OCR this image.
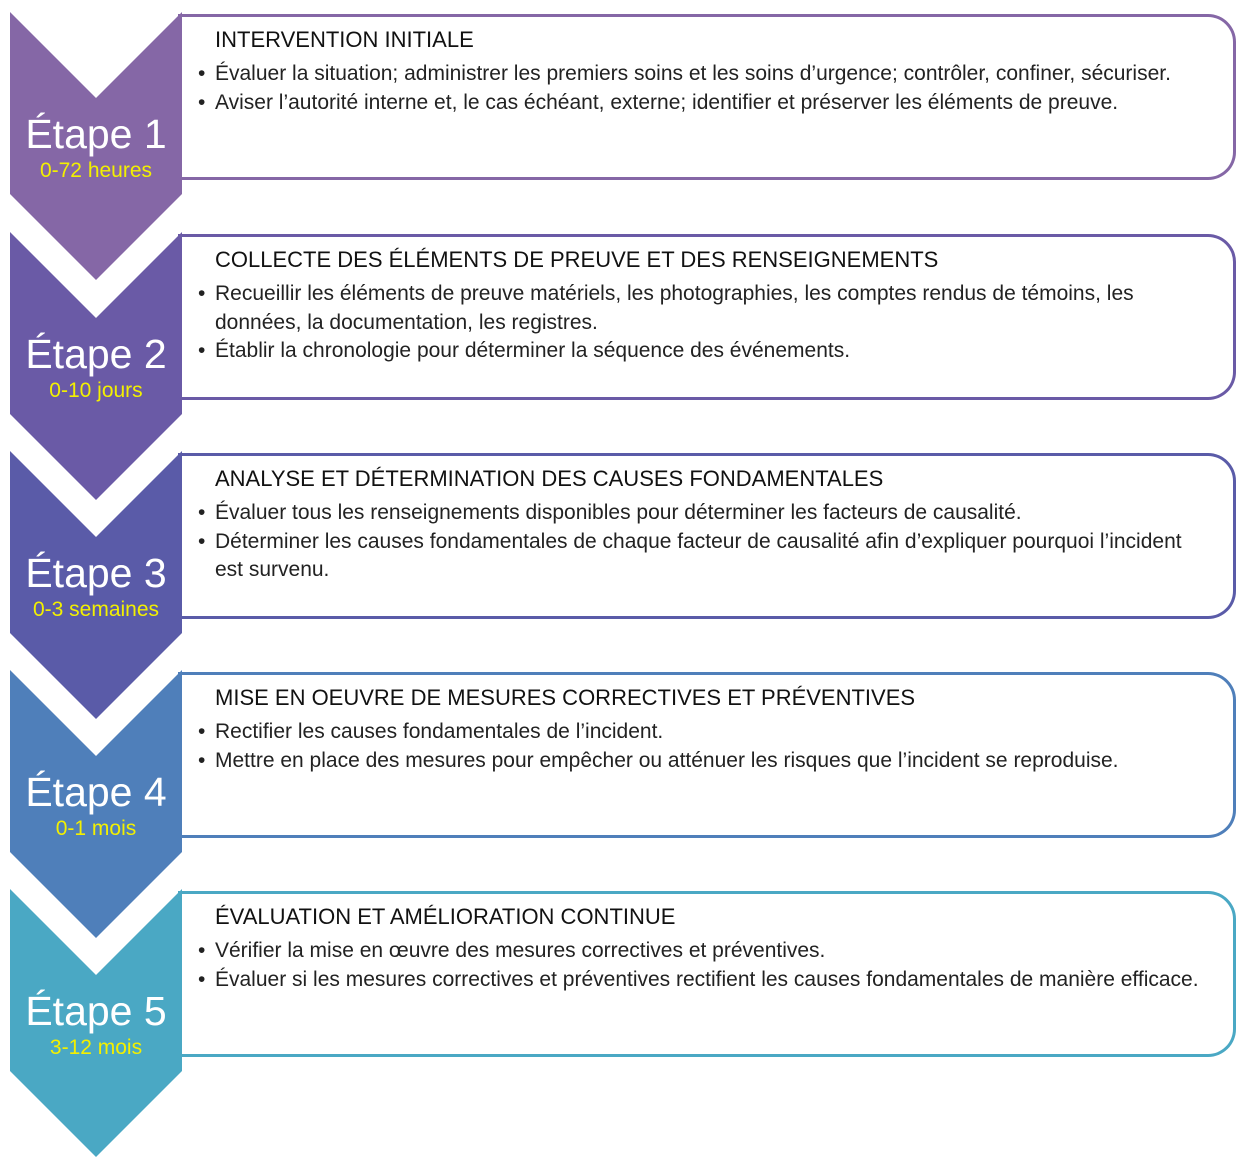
INTERVENTION INITIALE
• Évaluer la situation; administrer les premiers soins et les soins d’urgence; contrôler, confiner, sécuriser.
• Aviser l’autorité interne et, le cas échéant, externe; identifier et préserver les éléments de preuve.
Étape 1
0-72 heures
COLLECTE DES ÉLÉMENTS DE PREUVE ET DES RENSEIGNEMENTS
• Recueillir les éléments de preuve matériels, les photographies, les comptes rendus de témoins, les données, la documentation, les registres.
• Établir la chronologie pour déterminer la séquence des événements.
Étape 2
0-10 jours
ANALYSE ET DÉTERMINATION DES CAUSES FONDAMENTALES
• Évaluer tous les renseignements disponibles pour déterminer les facteurs de causalité.
• Déterminer les causes fondamentales de chaque facteur de causalité afin d’expliquer pourquoi l’incident est survenu.
Étape 3
0-3 semaines
MISE EN OEUVRE DE MESURES CORRECTIVES ET PRÉVENTIVES
• Rectifier les causes fondamentales de l’incident.
• Mettre en place des mesures pour empêcher ou atténuer les risques que l’incident se reproduise.
Étape 4
0-1 mois
ÉVALUATION ET AMÉLIORATION CONTINUE
• Vérifier la mise en œuvre des mesures correctives et préventives.
• Évaluer si les mesures correctives et préventives rectifient les causes fondamentales de manière efficace.
Étape 5
3-12 mois
